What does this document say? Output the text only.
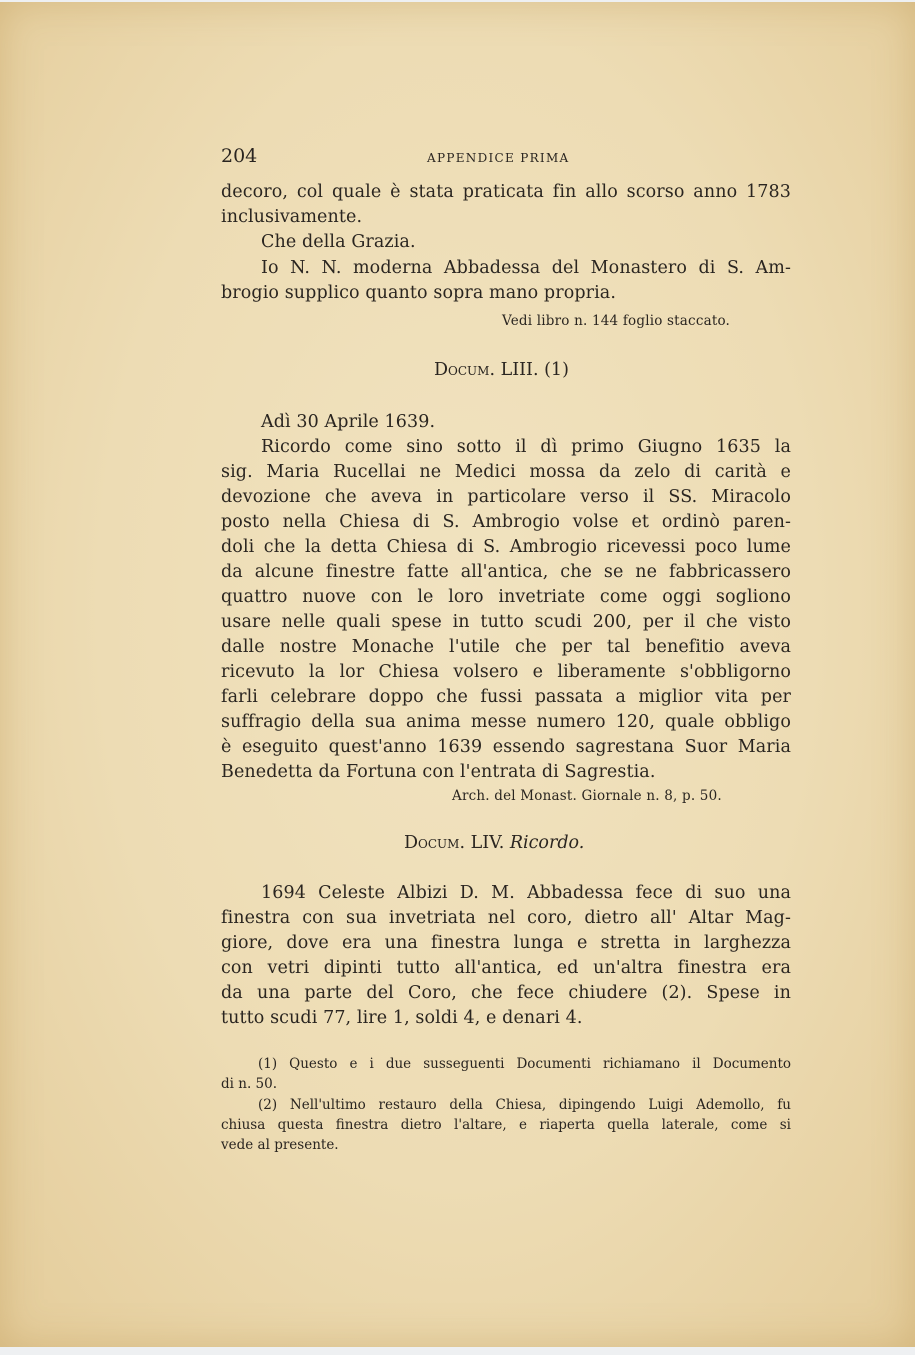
204	APPENDICE PRIMA
decoro, col quale è stata praticata fin allo scorso anno 1783
inclusivamente.
Che della Grazia.
Io N. N. moderna Abbadessa del Monastero di S. Am-
brogio supplico quanto sopra mano propria.
Vedi libro n. 144 foglio staccato.
Docum. LIII. (1)
Adì 30 Aprile 1639.
Ricordo come sino sotto il dì primo Giugno 1635 la
sig. Maria Rucellai ne Medici mossa da zelo di carità e
devozione che aveva in particolare verso il SS. Miracolo
posto nella Chiesa di S. Ambrogio volse et ordinò paren-
doli che la detta Chiesa di S. Ambrogio ricevessi poco lume
da alcune finestre fatte all'antica, che se ne fabbricassero
quattro nuove con le loro invetriate come oggi sogliono
usare nelle quali spese in tutto scudi 200, per il che visto
dalle nostre Monache l'utile che per tal benefitio aveva
ricevuto la lor Chiesa volsero e liberamente s'obbligorno
farli celebrare doppo che fussi passata a miglior vita per
suffragio della sua anima messe numero 120, quale obbligo
è eseguito quest'anno 1639 essendo sagrestana Suor Maria
Benedetta da Fortuna con l'entrata di Sagrestia.
Arch. del Monast. Giornale n. 8, p. 50.
Docum. LIV. Ricordo.
1694 Celeste Albizi D. M. Abbadessa fece di suo una
finestra con sua invetriata nel coro, dietro all' Altar Mag-
giore, dove era una finestra lunga e stretta in larghezza
con vetri dipinti tutto all'antica, ed un'altra finestra era
da una parte del Coro, che fece chiudere (2). Spese in
tutto scudi 77, lire 1, soldi 4, e denari 4.
(1) Questo e i due susseguenti Documenti richiamano il Documento
di n. 50.
(2) Nell'ultimo restauro della Chiesa, dipingendo Luigi Ademollo, fu
chiusa questa finestra dietro l'altare, e riaperta quella laterale, come si
vede al presente.
